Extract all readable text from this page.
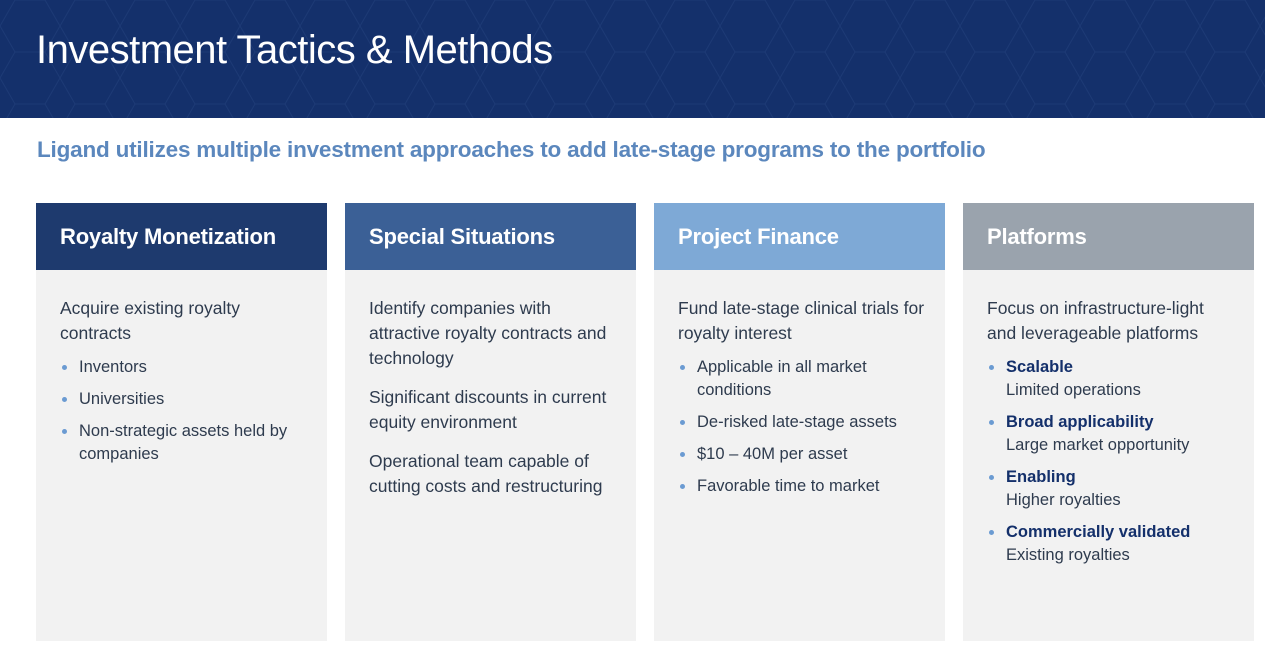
Investment Tactics & Methods
Ligand utilizes multiple investment approaches to add late-stage programs to the portfolio
Royalty Monetization
Acquire existing royalty contracts
Inventors
Universities
Non-strategic assets held by companies
Special Situations
Identify companies with attractive royalty contracts and technology
Significant discounts in current equity environment
Operational team capable of cutting costs and restructuring
Project Finance
Fund late-stage clinical trials for royalty interest
Applicable in all market conditions
De-risked late-stage assets
$10 – 40M per asset
Favorable time to market
Platforms
Focus on infrastructure-light and leverageable platforms
Scalable
Limited operations
Broad applicability
Large market opportunity
Enabling
Higher royalties
Commercially validated
Existing royalties
